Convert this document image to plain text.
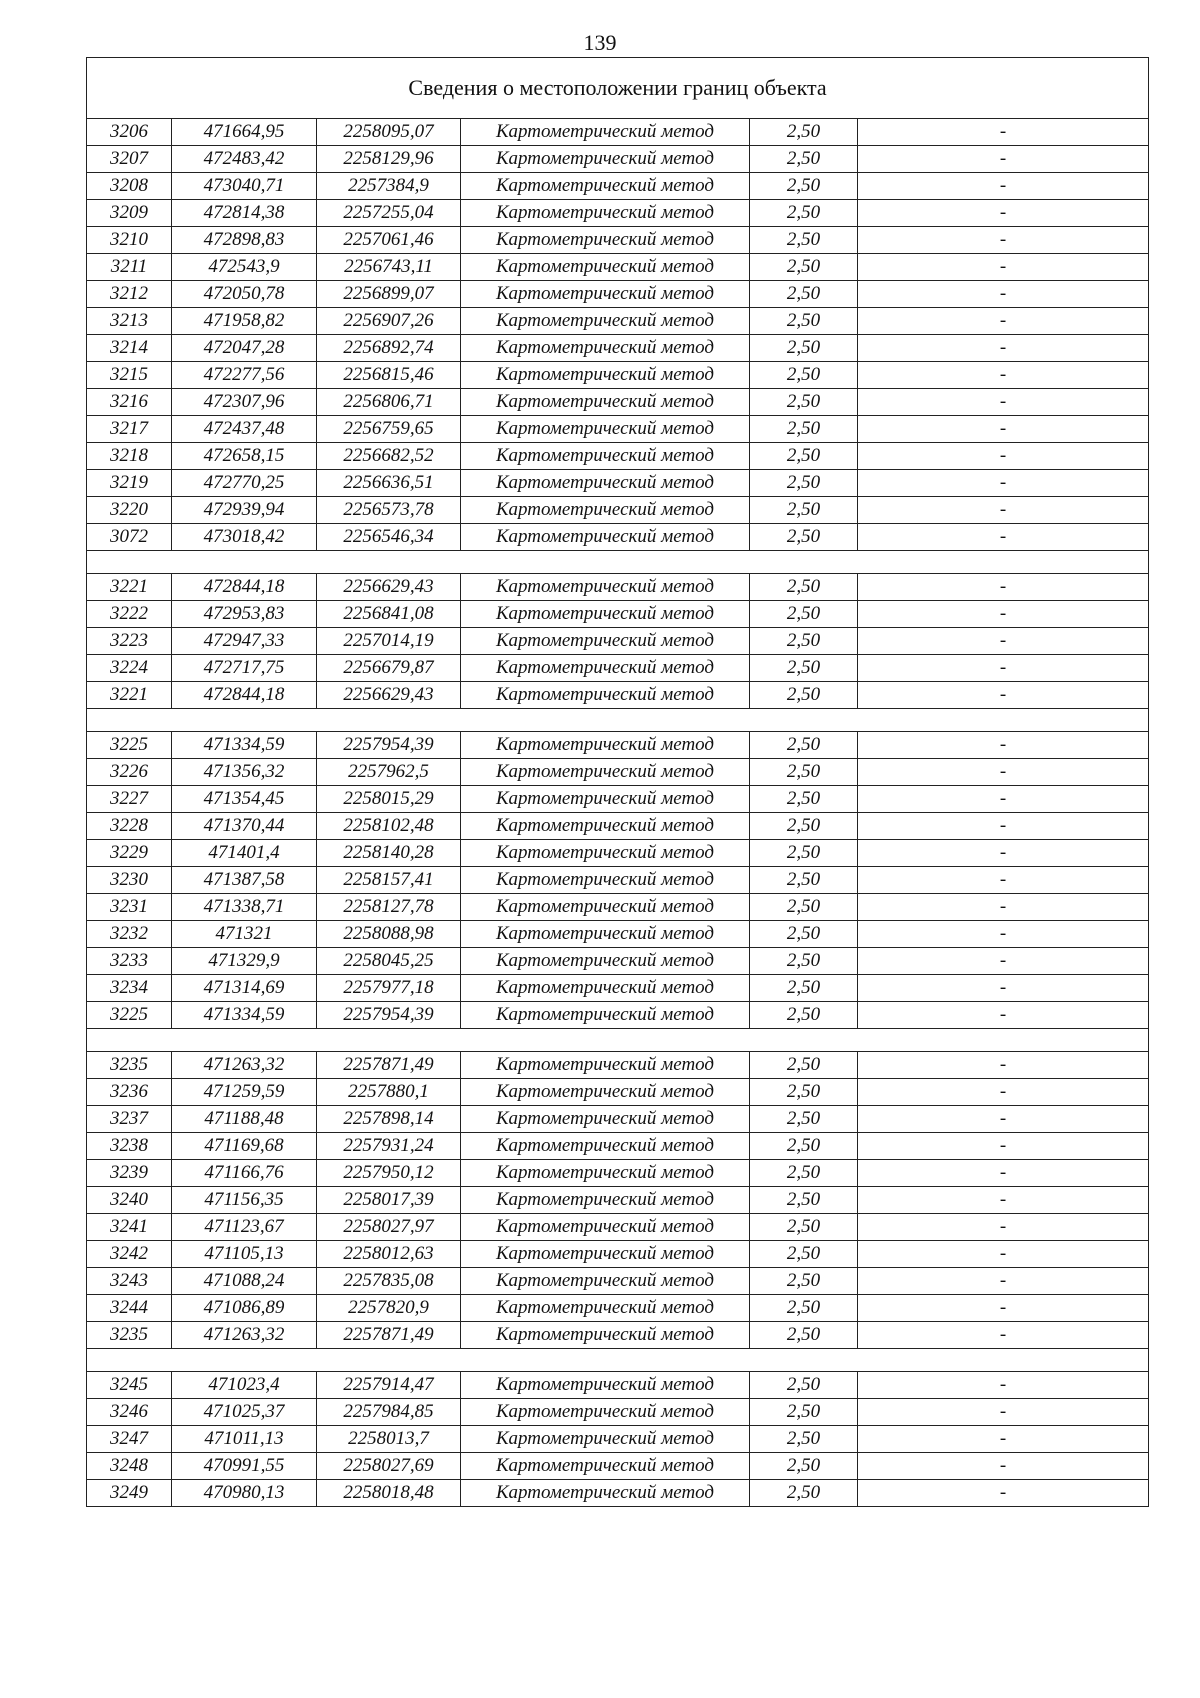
139
Сведения о местоположении границ объекта					
3206	471664,95	2258095,07	Картометрический метод	2,50	-
3207	472483,42	2258129,96	Картометрический метод	2,50	-
3208	473040,71	2257384,9	Картометрический метод	2,50	-
3209	472814,38	2257255,04	Картометрический метод	2,50	-
3210	472898,83	2257061,46	Картометрический метод	2,50	-
3211	472543,9	2256743,11	Картометрический метод	2,50	-
3212	472050,78	2256899,07	Картометрический метод	2,50	-
3213	471958,82	2256907,26	Картометрический метод	2,50	-
3214	472047,28	2256892,74	Картометрический метод	2,50	-
3215	472277,56	2256815,46	Картометрический метод	2,50	-
3216	472307,96	2256806,71	Картометрический метод	2,50	-
3217	472437,48	2256759,65	Картометрический метод	2,50	-
3218	472658,15	2256682,52	Картометрический метод	2,50	-
3219	472770,25	2256636,51	Картометрический метод	2,50	-
3220	472939,94	2256573,78	Картометрический метод	2,50	-
3072	473018,42	2256546,34	Картометрический метод	2,50	-

3221	472844,18	2256629,43	Картометрический метод	2,50	-
3222	472953,83	2256841,08	Картометрический метод	2,50	-
3223	472947,33	2257014,19	Картометрический метод	2,50	-
3224	472717,75	2256679,87	Картометрический метод	2,50	-
3221	472844,18	2256629,43	Картометрический метод	2,50	-

3225	471334,59	2257954,39	Картометрический метод	2,50	-
3226	471356,32	2257962,5	Картометрический метод	2,50	-
3227	471354,45	2258015,29	Картометрический метод	2,50	-
3228	471370,44	2258102,48	Картометрический метод	2,50	-
3229	471401,4	2258140,28	Картометрический метод	2,50	-
3230	471387,58	2258157,41	Картометрический метод	2,50	-
3231	471338,71	2258127,78	Картометрический метод	2,50	-
3232	471321	2258088,98	Картометрический метод	2,50	-
3233	471329,9	2258045,25	Картометрический метод	2,50	-
3234	471314,69	2257977,18	Картометрический метод	2,50	-
3225	471334,59	2257954,39	Картометрический метод	2,50	-

3235	471263,32	2257871,49	Картометрический метод	2,50	-
3236	471259,59	2257880,1	Картометрический метод	2,50	-
3237	471188,48	2257898,14	Картометрический метод	2,50	-
3238	471169,68	2257931,24	Картометрический метод	2,50	-
3239	471166,76	2257950,12	Картометрический метод	2,50	-
3240	471156,35	2258017,39	Картометрический метод	2,50	-
3241	471123,67	2258027,97	Картометрический метод	2,50	-
3242	471105,13	2258012,63	Картометрический метод	2,50	-
3243	471088,24	2257835,08	Картометрический метод	2,50	-
3244	471086,89	2257820,9	Картометрический метод	2,50	-
3235	471263,32	2257871,49	Картометрический метод	2,50	-

3245	471023,4	2257914,47	Картометрический метод	2,50	-
3246	471025,37	2257984,85	Картометрический метод	2,50	-
3247	471011,13	2258013,7	Картометрический метод	2,50	-
3248	470991,55	2258027,69	Картометрический метод	2,50	-
3249	470980,13	2258018,48	Картометрический метод	2,50	-
